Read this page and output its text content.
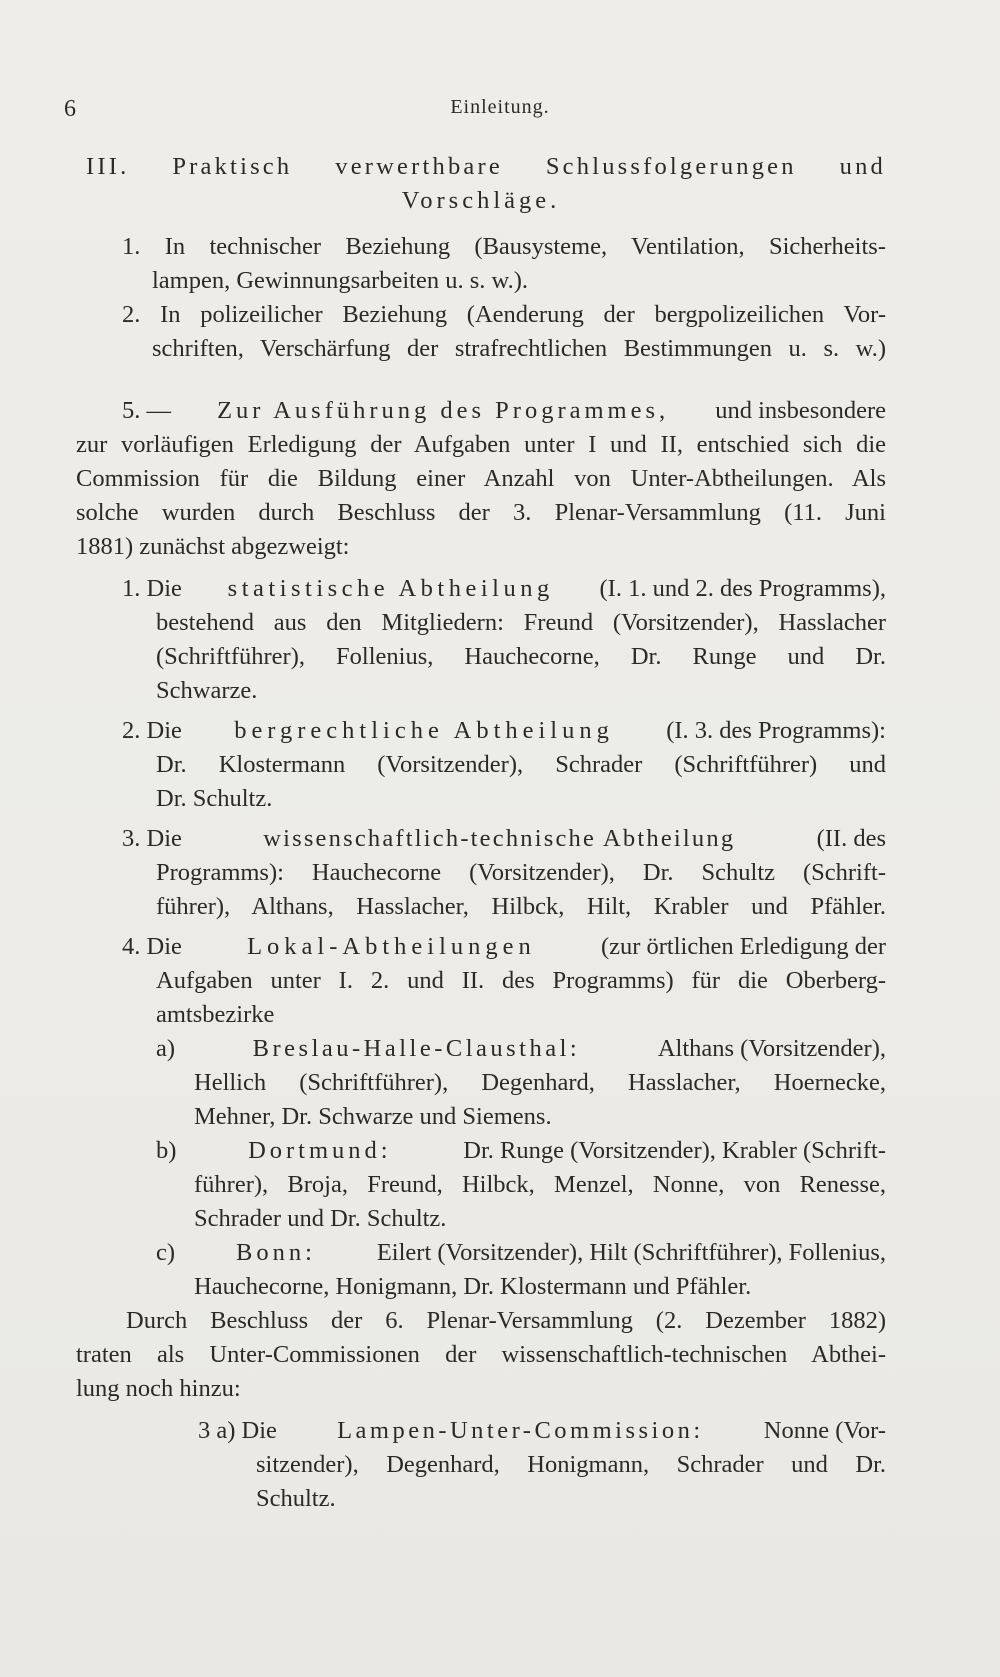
6	Einleitung.
III. Praktisch verwerthbare Schlussfolgerungen und
Vorschläge.
1. In technischer Beziehung (Bausysteme, Ventilation, Sicherheits-
lampen, Gewinnungsarbeiten u. s. w.).
2. In polizeilicher Beziehung (Aenderung der bergpolizeilichen Vor-
schriften, Verschärfung der strafrechtlichen Bestimmungen u. s. w.)
5. — Zur Ausführung des Programmes, und insbesondere
zur vorläufigen Erledigung der Aufgaben unter I und II, entschied sich die
Commission für die Bildung einer Anzahl von Unter-Abtheilungen. Als
solche wurden durch Beschluss der 3. Plenar-Versammlung (11. Juni
1881) zunächst abgezweigt:
1. Die statistische Abtheilung (I. 1. und 2. des Programms),
bestehend aus den Mitgliedern: Freund (Vorsitzender), Hasslacher
(Schriftführer), Follenius, Hauchecorne, Dr. Runge und Dr.
Schwarze.
2. Die bergrechtliche Abtheilung (I. 3. des Programms):
Dr. Klostermann (Vorsitzender), Schrader (Schriftführer) und
Dr. Schultz.
3. Die	wissenschaftlich-technische Abtheilung	(II. des
Programms): Hauchecorne (Vorsitzender), Dr. Schultz (Schrift-
führer), Althans, Hasslacher, Hilbck, Hilt, Krabler und Pfähler.
4. Die	Lokal-Abtheilungen	(zur örtlichen Erledigung der
Aufgaben unter I. 2. und II. des Programms) für die Oberberg-
amtsbezirke
a)	Breslau-Halle-Clausthal:	Althans (Vorsitzender),
Hellich (Schriftführer), Degenhard, Hasslacher, Hoernecke,
Mehner, Dr. Schwarze und Siemens.
b)	Dortmund:	Dr. Runge (Vorsitzender), Krabler (Schrift-
führer), Broja, Freund, Hilbck, Menzel, Nonne, von Renesse,
Schrader und Dr. Schultz.
c) Bonn: Eilert (Vorsitzender), Hilt (Schriftführer), Follenius,
Hauchecorne, Honigmann, Dr. Klostermann und Pfähler.
Durch Beschluss der 6. Plenar-Versammlung (2. Dezember 1882)
traten als Unter-Commissionen der wissenschaftlich-technischen Abthei-
lung noch hinzu:
3 a) Die Lampen-Unter-Commission: Nonne (Vor-
sitzender), Degenhard, Honigmann, Schrader und Dr.
Schultz.
